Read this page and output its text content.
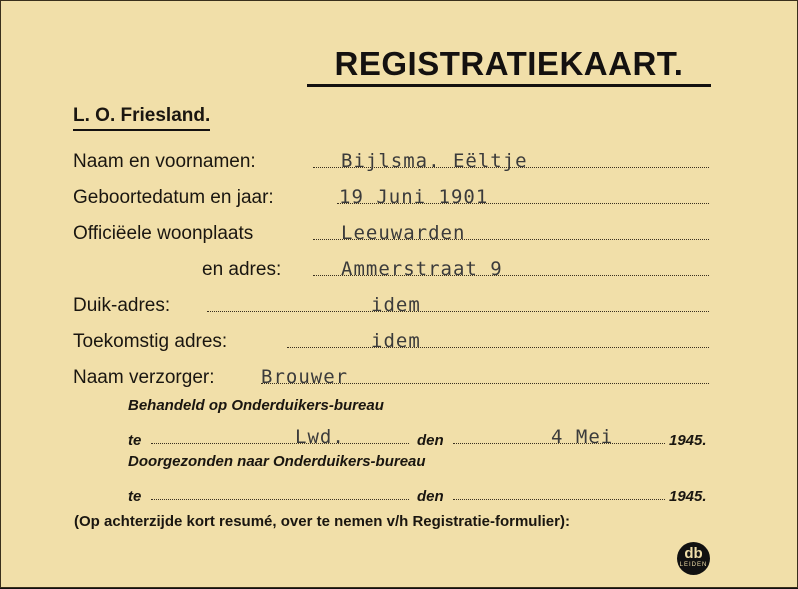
REGISTRATIEKAART.
L. O. Friesland.
Naam en voornamen:	Bijlsma. Eëltje
Geboortedatum en jaar:	19 Juni 1901
Officiëele woonplaats	Leeuwarden
en adres:	Ammerstraat 9
Duik-adres:	idem
Toekomstig adres:	idem
Naam verzorger: Brouwer
Behandeld op Onderduikers-bureau
te	Lwd.	den	4 Mei	1945.
Doorgezonden naar Onderduikers-bureau
te	den	1945.
(Op achterzijde kort resumé, over te nemen v/h Registratie-formulier):
db
LEIDEN
